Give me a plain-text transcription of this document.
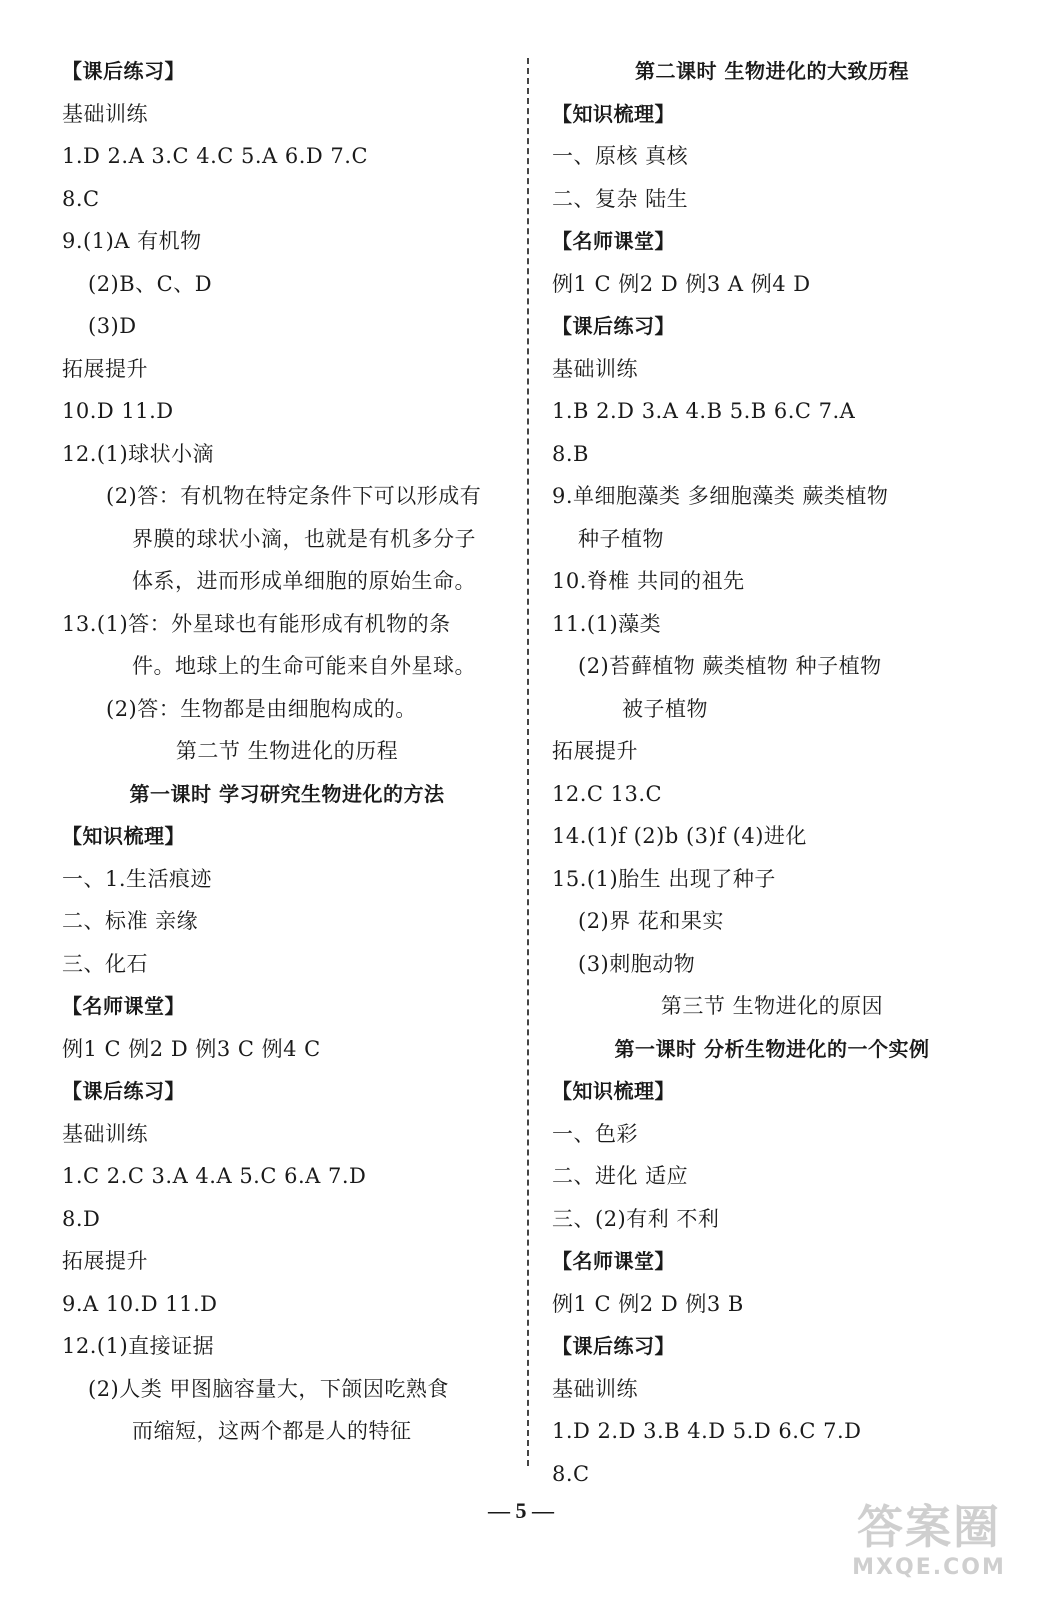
【课后练习】
基础训练
1.D 2.A 3.C 4.C 5.A 6.D 7.C
8.C
9.(1)A 有机物
(2)B、C、D
(3)D
拓展提升
10.D 11.D
12.(1)球状小滴
(2)答：有机物在特定条件下可以形成有
界膜的球状小滴，也就是有机多分子
体系，进而形成单细胞的原始生命。
13.(1)答：外星球也有能形成有机物的条
件。地球上的生命可能来自外星球。
(2)答：生物都是由细胞构成的。
第二节 生物进化的历程
第一课时 学习研究生物进化的方法
【知识梳理】
一、1.生活痕迹
二、标准 亲缘
三、化石
【名师课堂】
例1 C 例2 D 例3 C 例4 C
【课后练习】
基础训练
1.C 2.C 3.A 4.A 5.C 6.A 7.D
8.D
拓展提升
9.A 10.D 11.D
12.(1)直接证据
(2)人类 甲图脑容量大，下颌因吃熟食
而缩短，这两个都是人的特征
第二课时 生物进化的大致历程
【知识梳理】
一、原核 真核
二、复杂 陆生
【名师课堂】
例1 C 例2 D 例3 A 例4 D
【课后练习】
基础训练
1.B 2.D 3.A 4.B 5.B 6.C 7.A
8.B
9.单细胞藻类 多细胞藻类 蕨类植物
种子植物
10.脊椎 共同的祖先
11.(1)藻类
(2)苔藓植物 蕨类植物 种子植物
被子植物
拓展提升
12.C 13.C
14.(1)f (2)b (3)f (4)进化
15.(1)胎生 出现了种子
(2)界 花和果实
(3)刺胞动物
第三节 生物进化的原因
第一课时 分析生物进化的一个实例
【知识梳理】
一、色彩
二、进化 适应
三、(2)有利 不利
【名师课堂】
例1 C 例2 D 例3 B
【课后练习】
基础训练
1.D 2.D 3.B 4.D 5.D 6.C 7.D
8.C
— 5 —	答案圈
MXQE.COM
